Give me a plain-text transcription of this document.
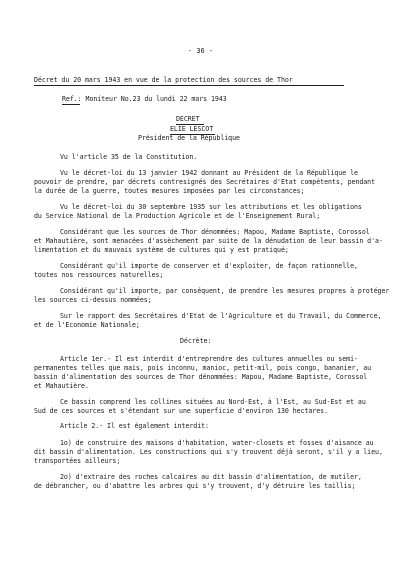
- 36 -
Décret du 20 mars 1943 en vue de la protection des sources de Thor
Ref.: Moniteur No.23 du lundi 22 mars 1943
DECRET
ELIE LESCOT
Président de la République
Vu l'article 35 de la Constitution.
Vu le décret-loi du 13 janvier 1942 donnant au Président de la République le
pouvoir de prendre, par décrets contresignés des Secrétaires d'Etat compétents, pendant
la durée de la guerre, toutes mesures imposées par les circonstances;
Vu le décret-loi du 30 septembre 1935 sur les attributions et les obligations
du Service National de la Production Agricole et de l'Enseignement Rural;
Considérant que les sources de Thor dénommées: Mapou, Madame Baptiste, Corossol
et Mahautière, sont menacées d'assèchement par suite de la dénudation de leur bassin d'a-
limentation et du mauvais système de cultures qui y est pratiqué;
Considérant qu'il importe de conserver et d'exploiter, de façon rationnelle,
toutes nos ressources naturelles;
Considérant qu'il importe, par conséquent, de prendre les mesures propres à protéger
les sources ci-dessus nommées;
Sur le rapport des Secrétaires d'Etat de l'Agriculture et du Travail, du Commerce,
et de l'Economie Nationale;
Décrète:
Article 1er.- Il est interdit d'entreprendre des cultures annuelles ou semi-
permanentes telles que mais, pois inconnu, manioc, petit-mil, pois congo, bananier, au
bassin d'alimentation des sources de Thor dénommées: Mapou, Madame Baptiste, Corossol
et Mahautière.
Ce bassin comprend les collines situées au Nord-Est, à l'Est, au Sud-Est et au
Sud de ces sources et s'étendant sur une superficie d'environ 130 hectares.
Article 2.- Il est également interdit:
1o) de construire des maisons d'habitation, water-closets et fosses d'aisance au
dit bassin d'alimentation. Les constructions qui s'y trouvent déjà seront, s'il y a lieu,
transportées ailleurs;
2o) d'extraire des roches calcaires au dit bassin d'alimentation, de mutiler,
de débrancher, ou d'abattre les arbres qui s'y trouvent, d'y détruire les taillis;
